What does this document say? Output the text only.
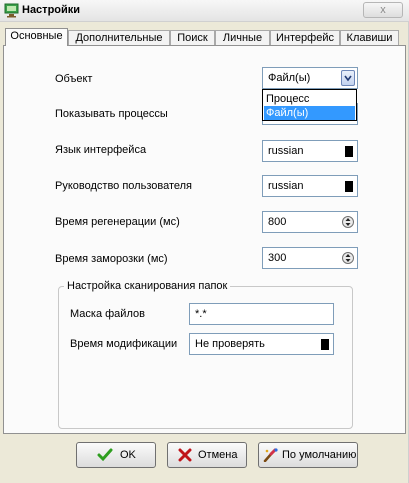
Настройки	x
Основные	Дополнительные	Поиск	Личные	Интерфейс	Клавиши
Объект	Файл(ы)
Процесс
Файл(ы)
Показывать процессы
Язык интерфейса	russian
Руководство пользователя	russian
Время регенерации (мс)	800
Время заморозки (мс)	300
Настройка сканирования папок
Маска файлов	*.*
Время модификации	Не проверять
OK	Отмена	По умолчанию
